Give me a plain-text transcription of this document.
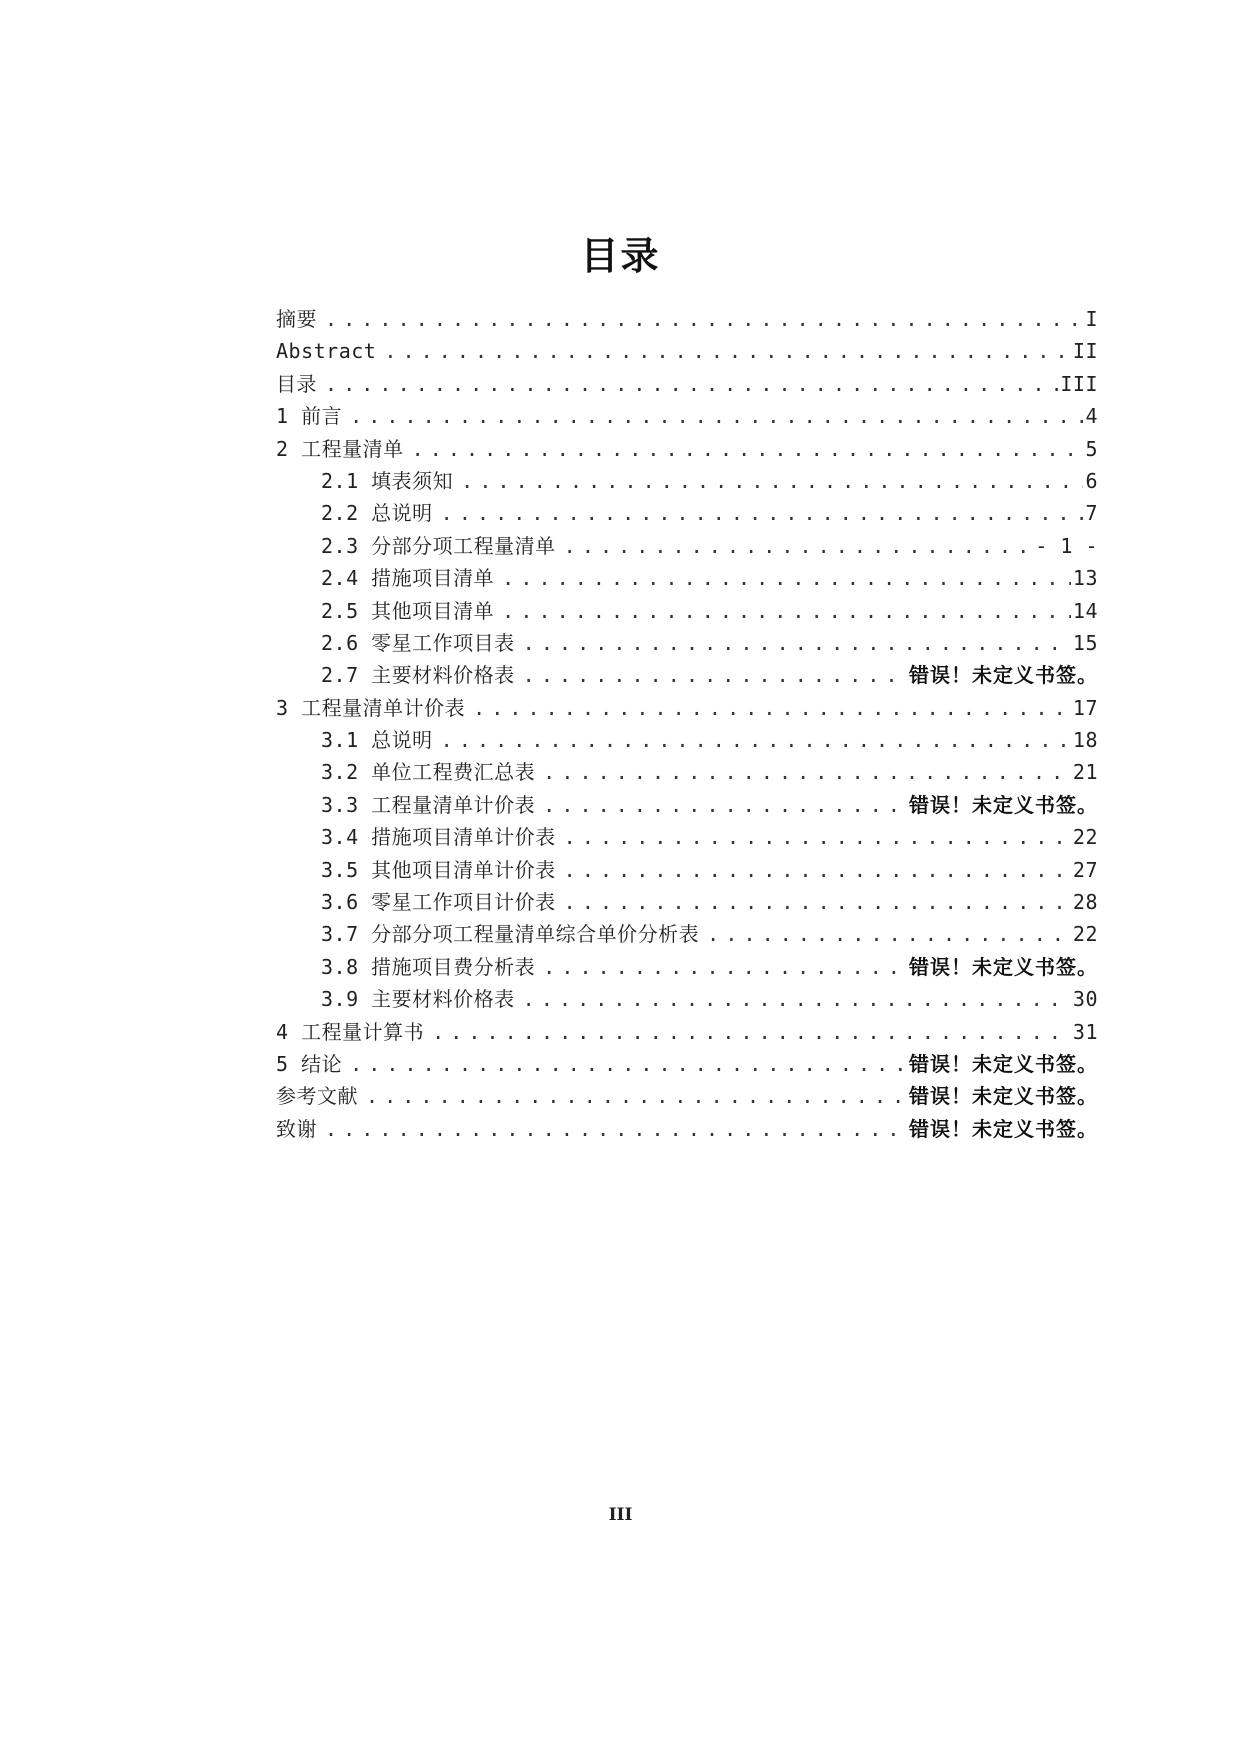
目录
摘要 .....	I
Abstract .....	II
目录 .....	III
1 前言 .....	4
2 工程量清单 .....	5
2.1 填表须知 .....	6
2.2 总说明 .....	7
2.3 分部分项工程量清单 .....	- 1 -
2.4 措施项目清单 .....	13
2.5 其他项目清单 .....	14
2.6 零星工作项目表 .....	15
2.7 主要材料价格表 .....	错误！未定义书签。
3 工程量清单计价表 .....	17
3.1 总说明 .....	18
3.2 单位工程费汇总表 .....	21
3.3 工程量清单计价表 .....	错误！未定义书签。
3.4 措施项目清单计价表 .....	22
3.5 其他项目清单计价表 .....	27
3.6 零星工作项目计价表 .....	28
3.7 分部分项工程量清单综合单价分析表 .....	22
3.8 措施项目费分析表 .....	错误！未定义书签。
3.9 主要材料价格表 .....	30
4 工程量计算书 .....	31
5 结论 .....	错误！未定义书签。
参考文献 .....	错误！未定义书签。
致谢 .....	错误！未定义书签。
III
